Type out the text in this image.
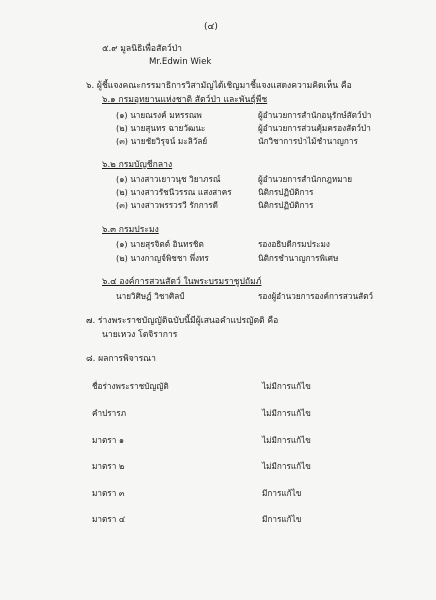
(๔)
๕.๙ มูลนิธิเพื่อสัตว์ป่า
Mr.Edwin Wiek
๖. ผู้ชี้แจงคณะกรรมาธิการวิสามัญได้เชิญมาชี้แจงแสดงความคิดเห็น คือ
๖.๑ กรมอุทยานแห่งชาติ สัตว์ป่า และพันธุ์พืช
(๑) นายณรงค์ มหรรณพ	ผู้อำนวยการสำนักอนุรักษ์สัตว์ป่า
(๒) นายสุนทร ฉายวัฒนะ	ผู้อำนวยการส่วนคุ้มครองสัตว์ป่า
(๓) นายชัยวิรุจน์ มะลิวัลย์	นักวิชาการป่าไม้ชำนาญการ
๖.๒ กรมบัญชีกลาง
(๑) นางสาวเยาวนุช วิยาภรณ์	ผู้อำนวยการสำนักกฎหมาย
(๒) นางสาวรัชนีวรรณ แสงสาคร	นิติกรปฏิบัติการ
(๓) นางสาวพรรวรวี รักการดี	นิติกรปฏิบัติการ
๖.๓ กรมประมง
(๑) นายสุรจิตต์ อินทรชิต	รองอธิบดีกรมประมง
(๒) นางกาญจ์พิชชา พึ่งทร	นิติกรชำนาญการพิเศษ
๖.๔ องค์การสวนสัตว์ ในพระบรมราชูปถัมภ์
นายวิศิษฏ์ วิชาศิลป์	รองผู้อำนวยการองค์การสวนสัตว์
๗. ร่างพระราชบัญญัติฉบับนี้มีผู้เสนอคำแปรญัตติ คือ
นายเหวง โตจิราการ
๘. ผลการพิจารณา
ชื่อร่างพระราชบัญญัติ	ไม่มีการแก้ไข
คำปรารภ	ไม่มีการแก้ไข
มาตรา ๑	ไม่มีการแก้ไข
มาตรา ๒	ไม่มีการแก้ไข
มาตรา ๓	มีการแก้ไข
มาตรา ๔	มีการแก้ไข
